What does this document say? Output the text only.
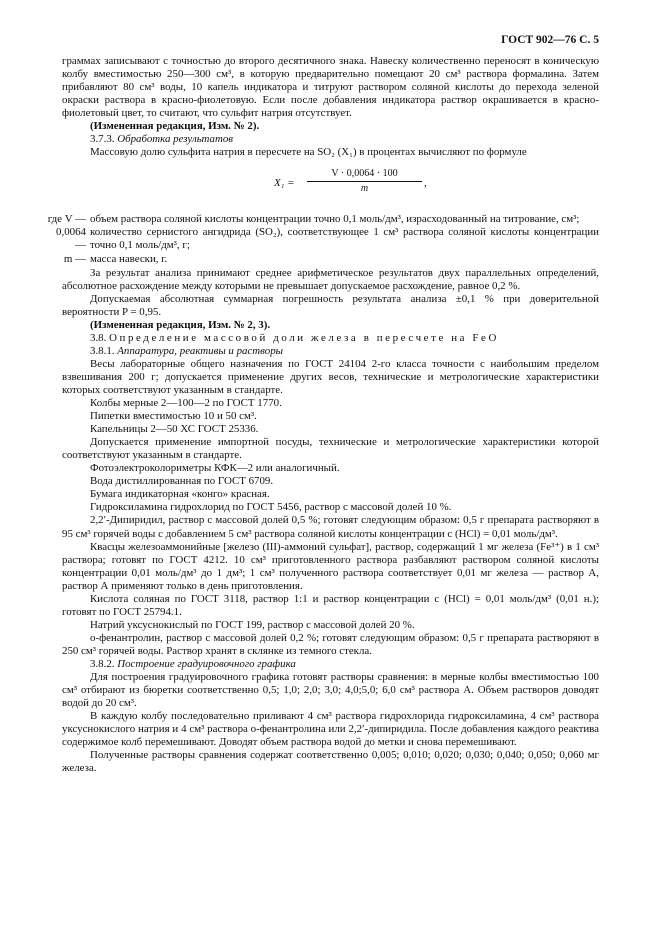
ГОСТ 902—76 С. 5

граммах записывают с точностью до второго десятичного знака. Навеску количественно переносят в коническую колбу вместимостью 250—300 см³, в которую предварительно помещают 20 см³ раствора формалина. Затем прибавляют 80 см³ воды, 10 капель индикатора и титруют раствором соляной кислоты до перехода зеленой окраски раствора в красно-фиолетовую. Если после добавления индикатора раствор окрашивается в красно-фиолетовый цвет, то считают, что сульфит натрия отсутствует.

(Измененная редакция, Изм. № 2).

3.7.3. Обработка результатов

Массовую долю сульфита натрия в пересчете на SO₂ (X₁) в процентах вычисляют по формуле

$X_1 = \frac{V \cdot 0,0064 \cdot 100}{m}$ ,
где V — объем раствора соляной кислоты концентрации точно 0,1 моль/дм³, израсходованный на титрование, см³;
0,0064 —
количество сернистого ангидрида (SO₂), соответствующее 1 см³ раствора соляной кислоты концентрации точно 0,1 моль/дм³, г;
m — масса навески, г.

За результат анализа принимают среднее арифметическое результатов двух параллельных определений, абсолютное расхождение между которыми не превышает допускаемое расхождение, равное 0,2 %.

Допускаемая абсолютная суммарная погрешность результата анализа ±0,1 % при доверительной вероятности P = 0,95.

(Измененная редакция, Изм. № 2, 3).

3.8. Определение массовой доли железа в пересчете на FeO

3.8.1. Аппаратура, реактивы и растворы

Весы лабораторные общего назначения по ГОСТ 24104 2-го класса точности с наибольшим пределом взвешивания 200 г; допускается применение других весов, технические и метрологические характеристики которых соответствуют указанным в стандарте.

Колбы мерные 2—100—2 по ГОСТ 1770.

Пипетки вместимостью 10 и 50 см³.

Капельницы 2—50 ХС ГОСТ 25336.

Допускается применение импортной посуды, технические и метрологические характеристики которой соответствуют указанным в стандарте.

Фотоэлектроколориметры КФК—2 или аналогичный.

Вода дистиллированная по ГОСТ 6709.

Бумага индикаторная «конго» красная.

Гидроксиламина гидрохлорид по ГОСТ 5456, раствор с массовой долей 10 %.

2,2′-Дипиридил, раствор с массовой долей 0,5 %; готовят следующим образом: 0,5 г препарата растворяют в 95 см³ горячей воды с добавлением 5 см³ раствора соляной кислоты концентрации c (HCl) = 0,01 моль/дм³.

Квасцы железоаммонийные [железо (III)-аммоний сульфат], раствор, содержащий 1 мг железа (Fe³⁺) в 1 см³ раствора; готовят по ГОСТ 4212. 10 см³ приготовленного раствора разбавляют раствором соляной кислоты концентрации 0,01 моль/дм³ до 1 дм³; 1 см³ полученного раствора соответствует 0,01 мг железа — раствор А, раствор А применяют только в день приготовления.

Кислота соляная по ГОСТ 3118, раствор 1:1 и раствор концентрации c (HCl) = 0,01 моль/дм³ (0,01 н.); готовят по ГОСТ 25794.1.

Натрий уксуснокислый по ГОСТ 199, раствор с массовой долей 20 %.

о-фенантролин, раствор с массовой долей 0,2 %; готовят следующим образом: 0,5 г препарата растворяют в 250 см³ горячей воды. Раствор хранят в склянке из темного стекла.

3.8.2. Построение градуировочного графика

Для построения градуировочного графика готовят растворы сравнения: в мерные колбы вместимостью 100 см³ отбирают из бюретки соответственно 0,5; 1,0; 2,0; 3,0; 4,0;5,0; 6,0 см³ раствора А. Объем растворов доводят водой до 20 см³.

В каждую колбу последовательно приливают 4 см³ раствора гидрохлорида гидроксиламина, 4 см³ раствора уксуснокислого натрия и 4 см³ раствора о-фенантролина или 2,2′-дипиридила. После добавления каждого реактива содержимое колб перемешивают. Доводят объем раствора водой до метки и снова перемешивают.

Полученные растворы сравнения содержат соответственно 0,005; 0,010; 0,020; 0,030; 0,040; 0,050; 0,060 мг железа.
